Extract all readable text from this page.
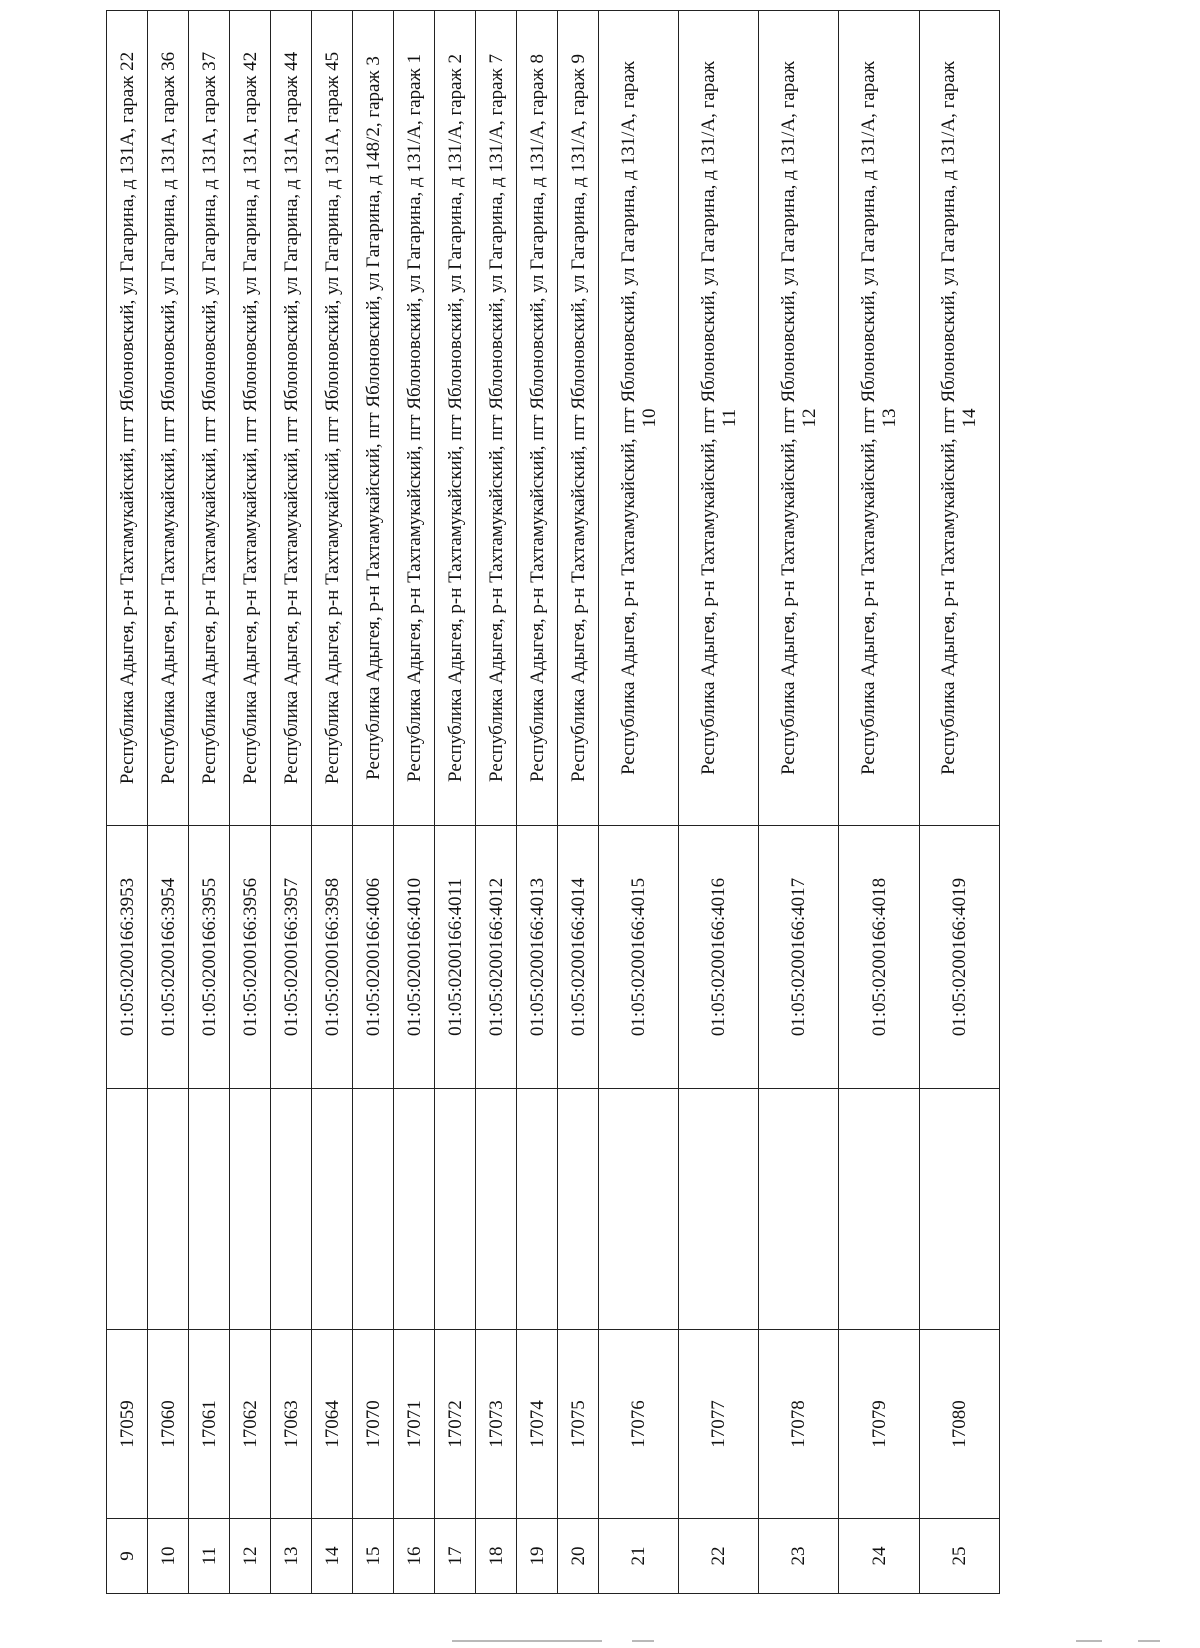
9	17059		01:05:0200166:3953	Республика Адыгея, р-н Тахтамукайский, пгт Яблоновский, ул Гагарина, д 131А, гараж 22

10	17060		01:05:0200166:3954	Республика Адыгея, р-н Тахтамукайский, пгт Яблоновский, ул Гагарина, д 131А, гараж 36

11	17061		01:05:0200166:3955	Республика Адыгея, р-н Тахтамукайский, пгт Яблоновский, ул Гагарина, д 131А, гараж 37

12	17062		01:05:0200166:3956	Республика Адыгея, р-н Тахтамукайский, пгт Яблоновский, ул Гагарина, д 131А, гараж 42

13	17063		01:05:0200166:3957	Республика Адыгея, р-н Тахтамукайский, пгт Яблоновский, ул Гагарина, д 131А, гараж 44

14	17064		01:05:0200166:3958	Республика Адыгея, р-н Тахтамукайский, пгт Яблоновский, ул Гагарина, д 131А, гараж 45

15	17070		01:05:0200166:4006	Республика Адыгея, р-н Тахтамукайский, пгт Яблоновский, ул Гагарина, д 148/2, гараж 3

16	17071		01:05:0200166:4010	Республика Адыгея, р-н Тахтамукайский, пгт Яблоновский, ул Гагарина, д 131/А, гараж 1

17	17072		01:05:0200166:4011	Республика Адыгея, р-н Тахтамукайский, пгт Яблоновский, ул Гагарина, д 131/А, гараж 2

18	17073		01:05:0200166:4012	Республика Адыгея, р-н Тахтамукайский, пгт Яблоновский, ул Гагарина, д 131/А, гараж 7

19	17074		01:05:0200166:4013	Республика Адыгея, р-н Тахтамукайский, пгт Яблоновский, ул Гагарина, д 131/А, гараж 8

20	17075		01:05:0200166:4014	Республика Адыгея, р-н Тахтамукайский, пгт Яблоновский, ул Гагарина, д 131/А, гараж 9

21	17076		01:05:0200166:4015	Республика Адыгея, р-н Тахтамукайский, пгт Яблоновский, ул Гагарина, д 131/А, гараж 10

22	17077		01:05:0200166:4016	Республика Адыгея, р-н Тахтамукайский, пгт Яблоновский, ул Гагарина, д 131/А, гараж 11

23	17078		01:05:0200166:4017	Республика Адыгея, р-н Тахтамукайский, пгт Яблоновский, ул Гагарина, д 131/А, гараж 12

24	17079		01:05:0200166:4018	Республика Адыгея, р-н Тахтамукайский, пгт Яблоновский, ул Гагарина, д 131/А, гараж 13

25	17080		01:05:0200166:4019	Республика Адыгея, р-н Тахтамукайский, пгт Яблоновский, ул Гагарина, д 131/А, гараж 14
